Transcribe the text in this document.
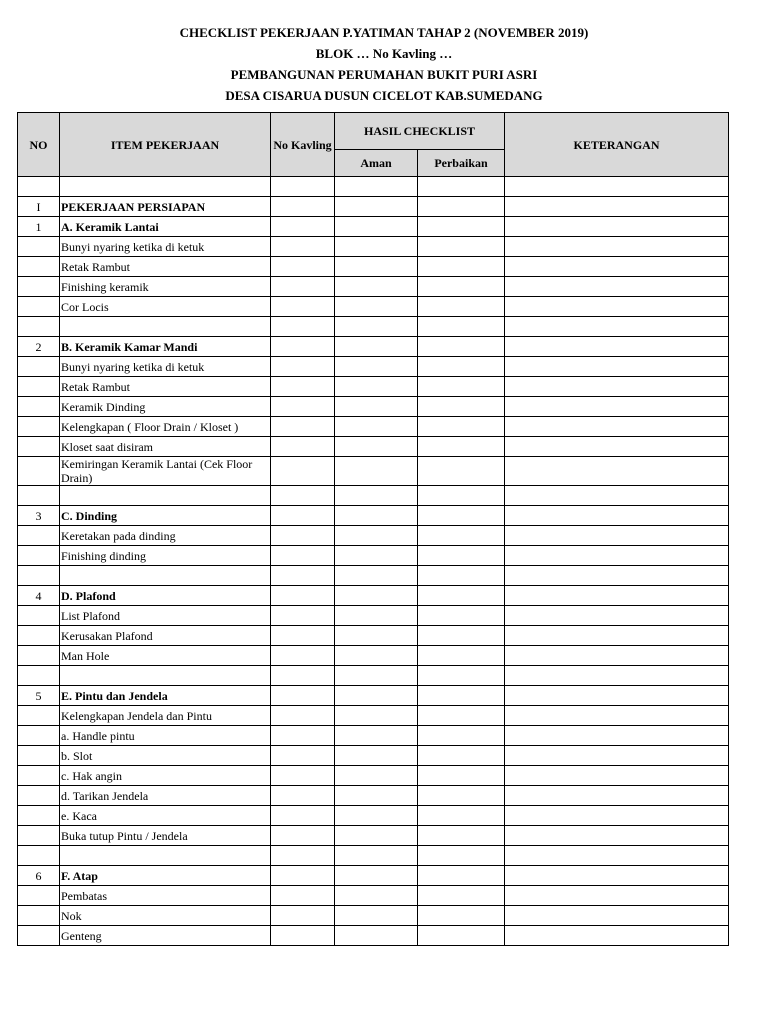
CHECKLIST PEKERJAAN P.YATIMAN TAHAP 2 (NOVEMBER 2019)
BLOK … No Kavling …
PEMBANGUNAN PERUMAHAN BUKIT PURI ASRI
DESA CISARUA DUSUN CICELOT KAB.SUMEDANG
NO	ITEM PEKERJAAN	No Kavling	HASIL CHECKLIST		KETERANGAN
			Aman	Perbaikan	

I	PEKERJAAN PERSIAPAN				
1	A. Keramik Lantai				
	Bunyi nyaring ketika di ketuk				
	Retak Rambut				
	Finishing keramik				
	Cor Locis				

2	B. Keramik Kamar Mandi				
	Bunyi nyaring ketika di ketuk				
	Retak Rambut				
	Keramik Dinding				
	Kelengkapan ( Floor Drain / Kloset )				
	Kloset saat disiram				
	Kemiringan Keramik Lantai (Cek Floor Drain)				

3	C. Dinding				
	Keretakan pada dinding				
	Finishing dinding				

4	D. Plafond				
	List Plafond				
	Kerusakan Plafond				
	Man Hole				

5	E. Pintu dan Jendela				
	Kelengkapan Jendela dan Pintu				
	a. Handle pintu				
	b. Slot				
	c. Hak angin				
	d. Tarikan Jendela				
	e. Kaca				
	Buka tutup Pintu / Jendela				

6	F. Atap				
	Pembatas				
	Nok				
	Genteng				
